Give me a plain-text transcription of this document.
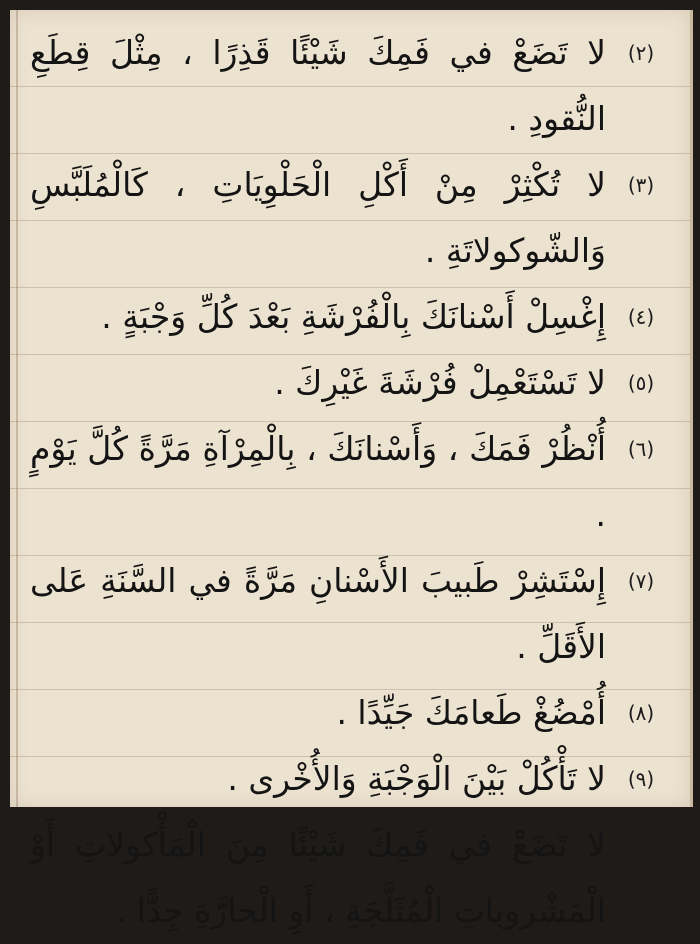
(٢)
لا تَضَعْ في فَمِكَ شَيْئًا قَذِرًا ، مِثْلَ قِطَعِ النُّقودِ .
(٣)
لا تُكْثِرْ مِنْ أَكْلِ الْحَلْوِيَاتِ ، كَالْمُلَبَّسِ وَالشّوكولاتَةِ .
(٤)
إِغْسِلْ أَسْنانَكَ بِالْفُرْشَةِ بَعْدَ كُلِّ وَجْبَةٍ .
(٥)
لا تَسْتَعْمِلْ فُرْشَةَ غَيْرِكَ .
(٦)
أُنْظُرْ فَمَكَ ، وَأَسْنانَكَ ، بِالْمِرْآةِ مَرَّةً كُلَّ يَوْمٍ .
(٧)
إِسْتَشِرْ طَبيبَ الأَسْنانِ مَرَّةً في السَّنَةِ عَلى الأَقَلِّ .
(٨)
أُمْضُغْ طَعامَكَ جَيِّدًا .
(٩)
لا تَأْكُلْ بَيْنَ الْوَجْبَةِ وَالأُخْرى .
(١٠)
لا تَضَعْ في فَمِكَ شَيْئًا مِنَ الْمَأْكولاتِ أَوْ الْمَشْروباتِ الْمُثَلَّجَةِ ، أَوِ الْحارَّةِ جِدًّا .
